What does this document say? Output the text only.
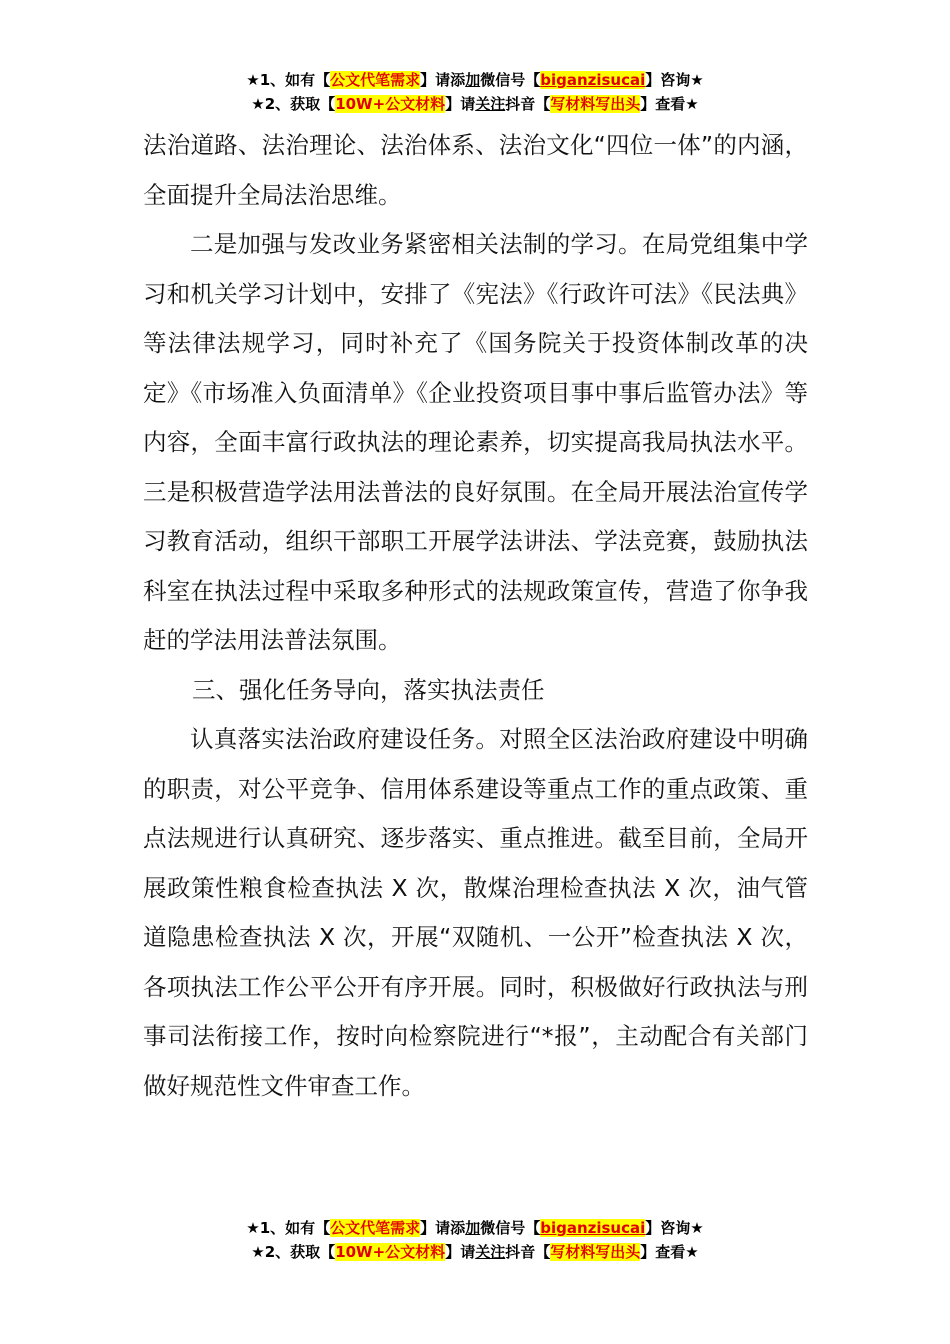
★1、如有【公文代笔需求】请添加微信号【biganzisucai】咨询★
★2、获取【10W+公文材料】请关注抖音【写材料写出头】查看★

法治道路、法治理论、法治体系、法治文化“四位一体”的内涵，全面提升全局法治思维。

二是加强与发改业务紧密相关法制的学习。在局党组集中学习和机关学习计划中，安排了《宪法》《行政许可法》《民法典》等法律法规学习，同时补充了《国务院关于投资体制改革的决定》《市场准入负面清单》《企业投资项目事中事后监管办法》等内容，全面丰富行政执法的理论素养，切实提高我局执法水平。三是积极营造学法用法普法的良好氛围。在全局开展法治宣传学习教育活动，组织干部职工开展学法讲法、学法竞赛，鼓励执法科室在执法过程中采取多种形式的法规政策宣传，营造了你争我赶的学法用法普法氛围。

三、强化任务导向，落实执法责任

认真落实法治政府建设任务。对照全区法治政府建设中明确的职责，对公平竞争、信用体系建设等重点工作的重点政策、重点法规进行认真研究、逐步落实、重点推进。截至目前，全局开展政策性粮食检查执法 X 次，散煤治理检查执法 X 次，油气管道隐患检查执法 X 次，开展“双随机、一公开”检查执法 X 次，各项执法工作公平公开有序开展。同时，积极做好行政执法与刑事司法衔接工作，按时向检察院进行“*报”，主动配合有关部门做好规范性文件审查工作。

★1、如有【公文代笔需求】请添加微信号【biganzisucai】咨询★
★2、获取【10W+公文材料】请关注抖音【写材料写出头】查看★
